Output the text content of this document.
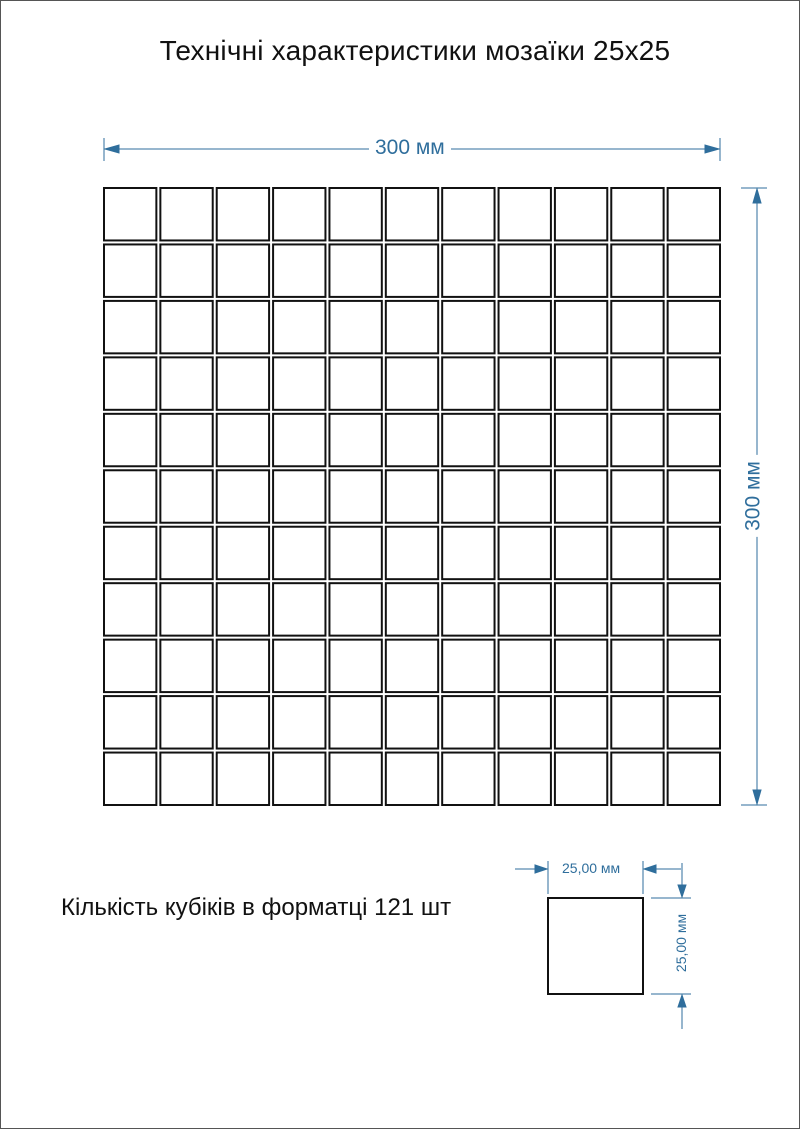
Технічні характеристики мозаїки 25х25
300 мм
300 мм
25,00 мм
25,00 мм
Кількість кубіків в форматці 121 шт
